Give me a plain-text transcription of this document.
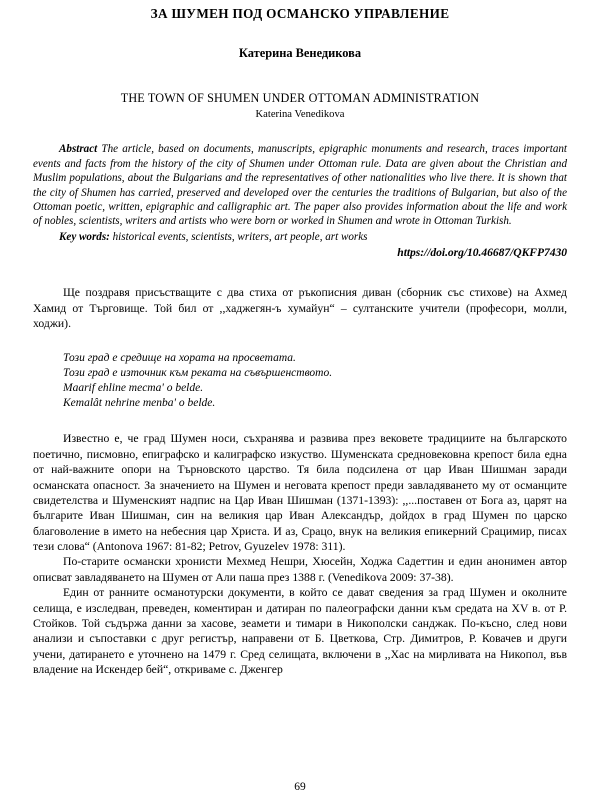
ЗА ШУМЕН ПОД ОСМАНСКО УПРАВЛЕНИЕ
Катерина Венедикова
THE TOWN OF SHUMEN UNDER OTTOMAN ADMINISTRATION
Katerina Venedikova

Abstract The article, based on documents, manuscripts, epigraphic monuments and research, traces important events and facts from the history of the city of Shumen under Ottoman rule. Data are given about the Christian and Muslim populations, about the Bulgarians and the representatives of other nationalities who live there. It is shown that the city of Shumen has carried, preserved and developed over the centuries the traditions of Bulgarian, but also of the Ottoman poetic, written, epigraphic and calligraphic art. The paper also provides information about the life and work of nobles, scientists, writers and artists who were born or worked in Shumen and wrote in Ottoman Turkish.

Key words: historical events, scientists, writers, art people, art works

https://doi.org/10.46687/QKFP7430

Ще поздравя присъстващите с два стиха от ръкописния диван (сборник със стихове) на Ахмед Хамид от Търговище. Той бил от ,,хаджегян-ъ хумайун“ – султанските учители (професори, молли, ходжи).

Този град е средище на хората на просветата.
Този град е източник към реката на съвършенството.
Maarif ehline mecma' o belde.
Kemalât nehrine menba' o belde.

Известно е, че град Шумен носи, съхранява и развива през вековете традициите на българското поетично, писмовно, епиграфско и калиграфско изкуство. Шуменската средновековна крепост била една от най-важните опори на Търновското царство. Тя била подсилена от цар Иван Шишман заради османската опасност. За значението на Шумен и неговата крепост преди завладяването му от османците свидетелства и Шуменският надпис на Цар Иван Шишман (1371-1393): ,,...поставен от Бога аз, царят на българите Иван Шишман, син на великия цар Иван Александър, дойдох в град Шумен по царско благоволение в името на небесния цар Христа. И аз, Срацо, внук на великия епикерний Срацимир, писах тези слова“ (Antonova 1967: 81-82; Petrov, Gyuzelev 1978: 311).

По-старите османски хронисти Мехмед Нешри, Хюсейн, Ходжа Садеттин и един анонимен автор описват завладяването на Шумен от Али паша през 1388 г. (Venedikova 2009: 37-38).

Един от ранните османотурски документи, в който се дават сведения за град Шумен и околните селища, е изследван, преведен, коментиран и датиран по палеографски данни към средата на XV в. от Р. Стойков. Той съдържа данни за хасове, зеамети и тимари в Никополски санджак. По-късно, след нови анализи и съпоставки с друг регистър, направени от Б. Цветкова, Стр. Димитров, Р. Ковачев и други учени, датирането е уточнено на 1479 г. Сред селищата, включени в ,,Хас на мирливата на Никопол, във владение на Искендер бей“, откриваме с. Дженгер

69
